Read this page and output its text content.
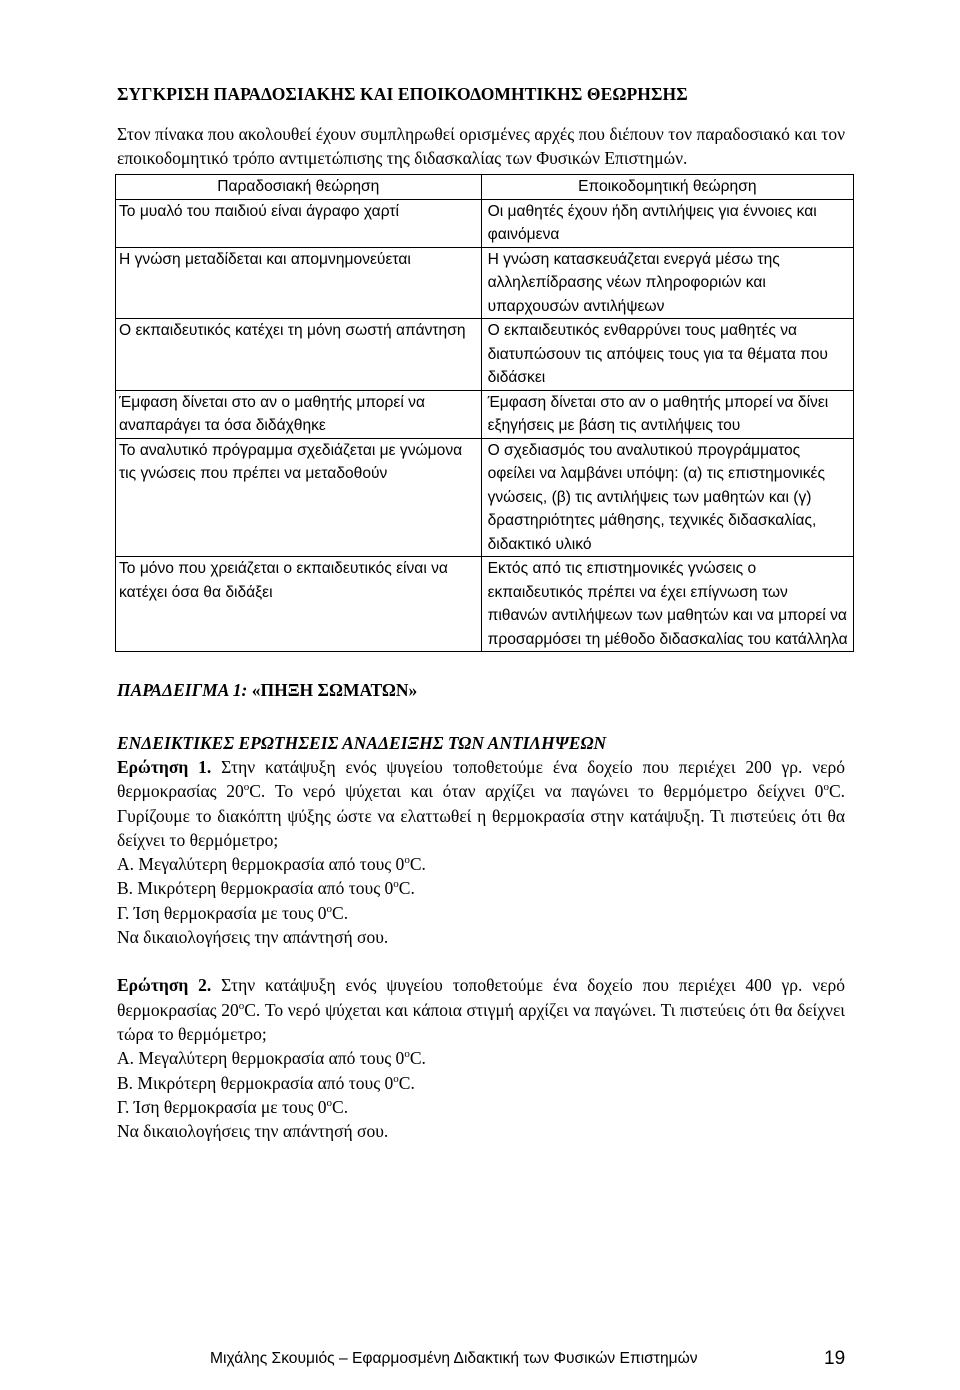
ΣΥΓΚΡΙΣΗ ΠΑΡΑΔΟΣΙΑΚΗΣ ΚΑΙ ΕΠΟΙΚΟΔΟΜΗΤΙΚΗΣ ΘΕΩΡΗΣΗΣ

Στον πίνακα που ακολουθεί έχουν συμπληρωθεί ορισμένες αρχές που διέπουν τον παραδοσιακό και τον εποικοδομητικό τρόπο αντιμετώπισης της διδασκαλίας των Φυσικών Επιστημών.

Παραδοσιακή θεώρηση	Εποικοδομητική θεώρηση
Το μυαλό του παιδιού είναι άγραφο χαρτί	Οι μαθητές έχουν ήδη αντιλήψεις για έννοιες και φαινόμενα
Η γνώση μεταδίδεται και απομνημονεύεται	Η γνώση κατασκευάζεται ενεργά μέσω της αλληλεπίδρασης νέων πληροφοριών και υπαρχουσών αντιλήψεων
Ο εκπαιδευτικός κατέχει τη μόνη σωστή απάντηση	Ο εκπαιδευτικός ενθαρρύνει τους μαθητές να διατυπώσουν τις απόψεις τους για τα θέματα που διδάσκει
Έμφαση δίνεται στο αν ο μαθητής μπορεί να αναπαράγει τα όσα διδάχθηκε	Έμφαση δίνεται στο αν ο μαθητής μπορεί να δίνει εξηγήσεις με βάση τις αντιλήψεις του
Το αναλυτικό πρόγραμμα σχεδιάζεται με γνώμονα τις γνώσεις που πρέπει να μεταδοθούν	Ο σχεδιασμός του αναλυτικού προγράμματος οφείλει να λαμβάνει υπόψη: (α) τις επιστημονικές γνώσεις, (β) τις αντιλήψεις των μαθητών και (γ) δραστηριότητες μάθησης, τεχνικές διδασκαλίας, διδακτικό υλικό
Το μόνο που χρειάζεται ο εκπαιδευτικός είναι να κατέχει όσα θα διδάξει	Εκτός από τις επιστημονικές γνώσεις ο εκπαιδευτικός πρέπει να έχει επίγνωση των πιθανών αντιλήψεων των μαθητών και να μπορεί να προσαρμόσει τη μέθοδο διδασκαλίας του κατάλληλα

ΠΑΡΑΔΕΙΓΜΑ 1: «ΠΗΞΗ ΣΩΜΑΤΩΝ»

ΕΝΔΕΙΚΤΙΚΕΣ ΕΡΩΤΗΣΕΙΣ ΑΝΑΔΕΙΞΗΣ ΤΩΝ ΑΝΤΙΛΗΨΕΩΝ

Ερώτηση 1. Στην κατάψυξη ενός ψυγείου τοποθετούμε ένα δοχείο που περιέχει 200 γρ. νερό θερμοκρασίας 20$^o$C. Το νερό ψύχεται και όταν αρχίζει να παγώνει το θερμόμετρο δείχνει 0$^o$C. Γυρίζουμε το διακόπτη ψύξης ώστε να ελαττωθεί η θερμοκρασία στην κατάψυξη. Τι πιστεύεις ότι θα δείχνει το θερμόμετρο;

Α. Μεγαλύτερη θερμοκρασία από τους 0$^o$C.

Β. Μικρότερη θερμοκρασία από τους 0$^o$C.

Γ. Ίση θερμοκρασία με τους 0$^o$C.

Να δικαιολογήσεις την απάντησή σου.

Ερώτηση 2. Στην κατάψυξη ενός ψυγείου τοποθετούμε ένα δοχείο που περιέχει 400 γρ. νερό θερμοκρασίας 20$^o$C. Το νερό ψύχεται και κάποια στιγμή αρχίζει να παγώνει. Τι πιστεύεις ότι θα δείχνει τώρα το θερμόμετρο;

Α. Μεγαλύτερη θερμοκρασία από τους 0$^o$C.

Β. Μικρότερη θερμοκρασία από τους 0$^o$C.

Γ. Ίση θερμοκρασία με τους 0$^o$C.

Να δικαιολογήσεις την απάντησή σου.

Μιχάλης Σκουμιός – Εφαρμοσμένη Διδακτική των Φυσικών Επιστημών	19
